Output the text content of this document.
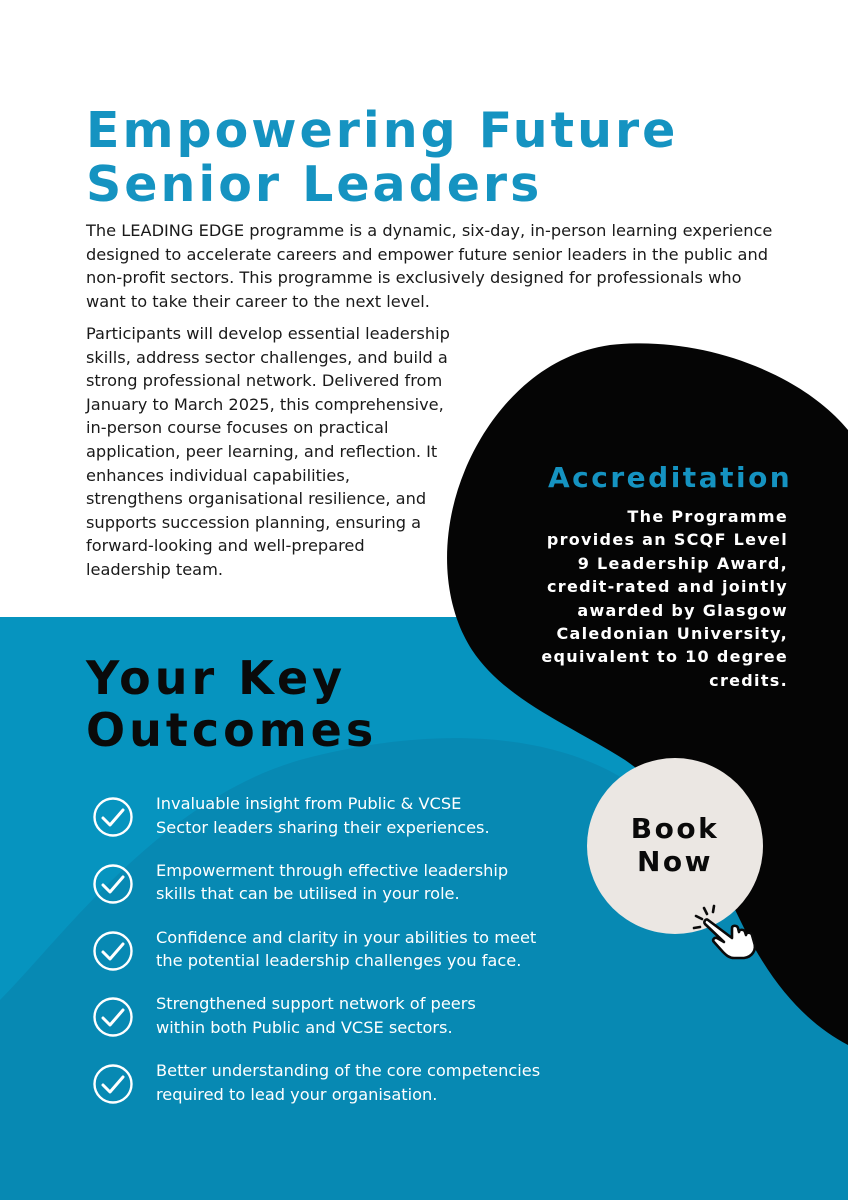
Empowering Future
Senior Leaders

The LEADING EDGE programme is a dynamic, six-day, in-person learning experience designed to accelerate careers and empower future senior leaders in the public and non-profit sectors. This programme is exclusively designed for professionals who want to take their career to the next level.

Participants will develop essential leadership skills, address sector challenges, and build a strong professional network. Delivered from January to March 2025, this comprehensive, in-person course focuses on practical application, peer learning, and reflection. It enhances individual capabilities, strengthens organisational resilience, and supports succession planning, ensuring a forward-looking and well-prepared leadership team.

Accreditation

The Programme provides an SCQF Level 9 Leadership Award, credit-rated and jointly awarded by Glasgow Caledonian University, equivalent to 10 degree credits.

Your Key
Outcomes
Invaluable insight from Public & VCSE
Sector leaders sharing their experiences.
Empowerment through effective leadership
skills that can be utilised in your role.
Confidence and clarity in your abilities to meet
the potential leadership challenges you face.
Strengthened support network of peers
within both Public and VCSE sectors.
Better understanding of the core competencies
required to lead your organisation.

Book
Now
